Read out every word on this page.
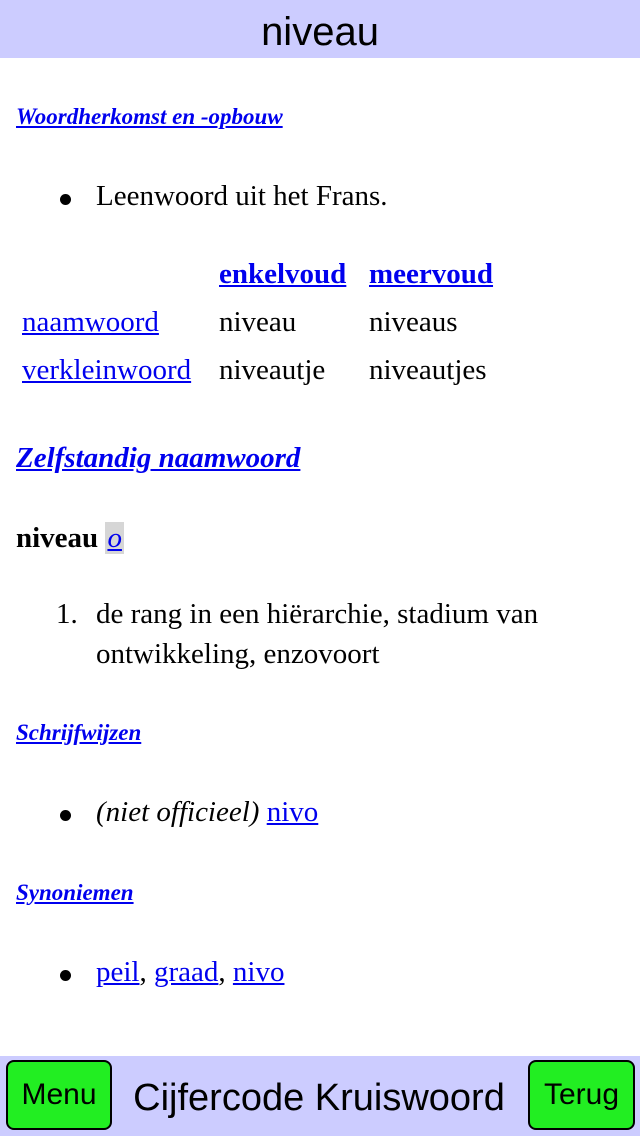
niveau
Woordherkomst en -opbouw
Leenwoord uit het Frans.
enkelvoud meervoud
naamwoord niveau	niveaus
verkleinwoord niveautje niveautjes
Zelfstandig naamwoord
niveau o
1. de rang in een hiërarchie, stadium van ontwikkeling, enzovoort
Schrijfwijzen
(niet officieel) nivo
Synoniemen
peil, graad, nivo
Menu Cijfercode Kruiswoord	Terug
